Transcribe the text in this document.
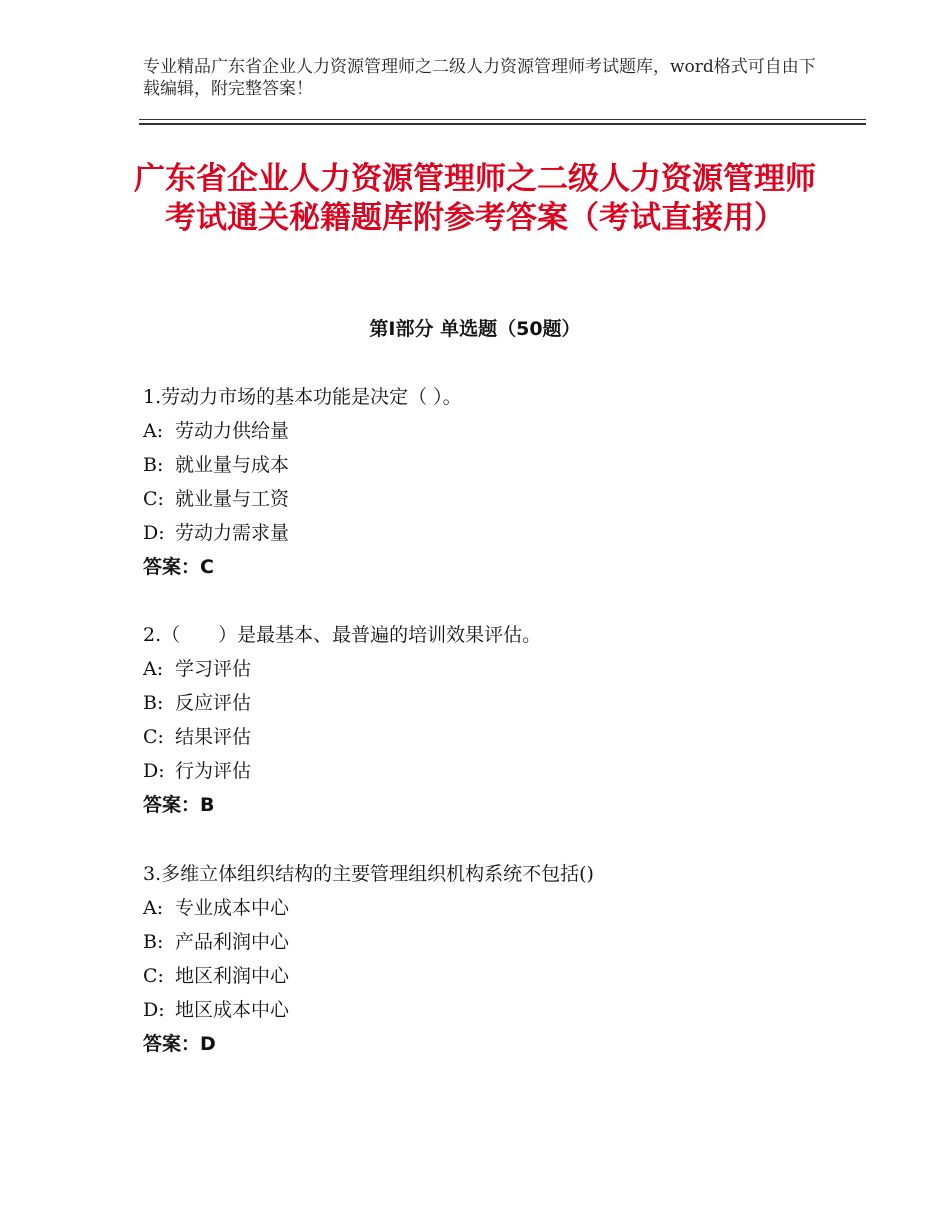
专业精品广东省企业人力资源管理师之二级人力资源管理师考试题库，word格式可自由下载编辑，附完整答案！
广东省企业人力资源管理师之二级人力资源管理师考试通关秘籍题库附参考答案（考试直接用）
第Ⅰ部分 单选题（50题）
1.劳动力市场的基本功能是决定（ ）。
A: 劳动力供给量
B: 就业量与成本
C: 就业量与工资
D: 劳动力需求量
答案：C
2.（　　）是最基本、最普遍的培训效果评估。
A: 学习评估
B: 反应评估
C: 结果评估
D: 行为评估
答案：B
3.多维立体组织结构的主要管理组织机构系统不包括()
A: 专业成本中心
B: 产品利润中心
C: 地区利润中心
D: 地区成本中心
答案：D
